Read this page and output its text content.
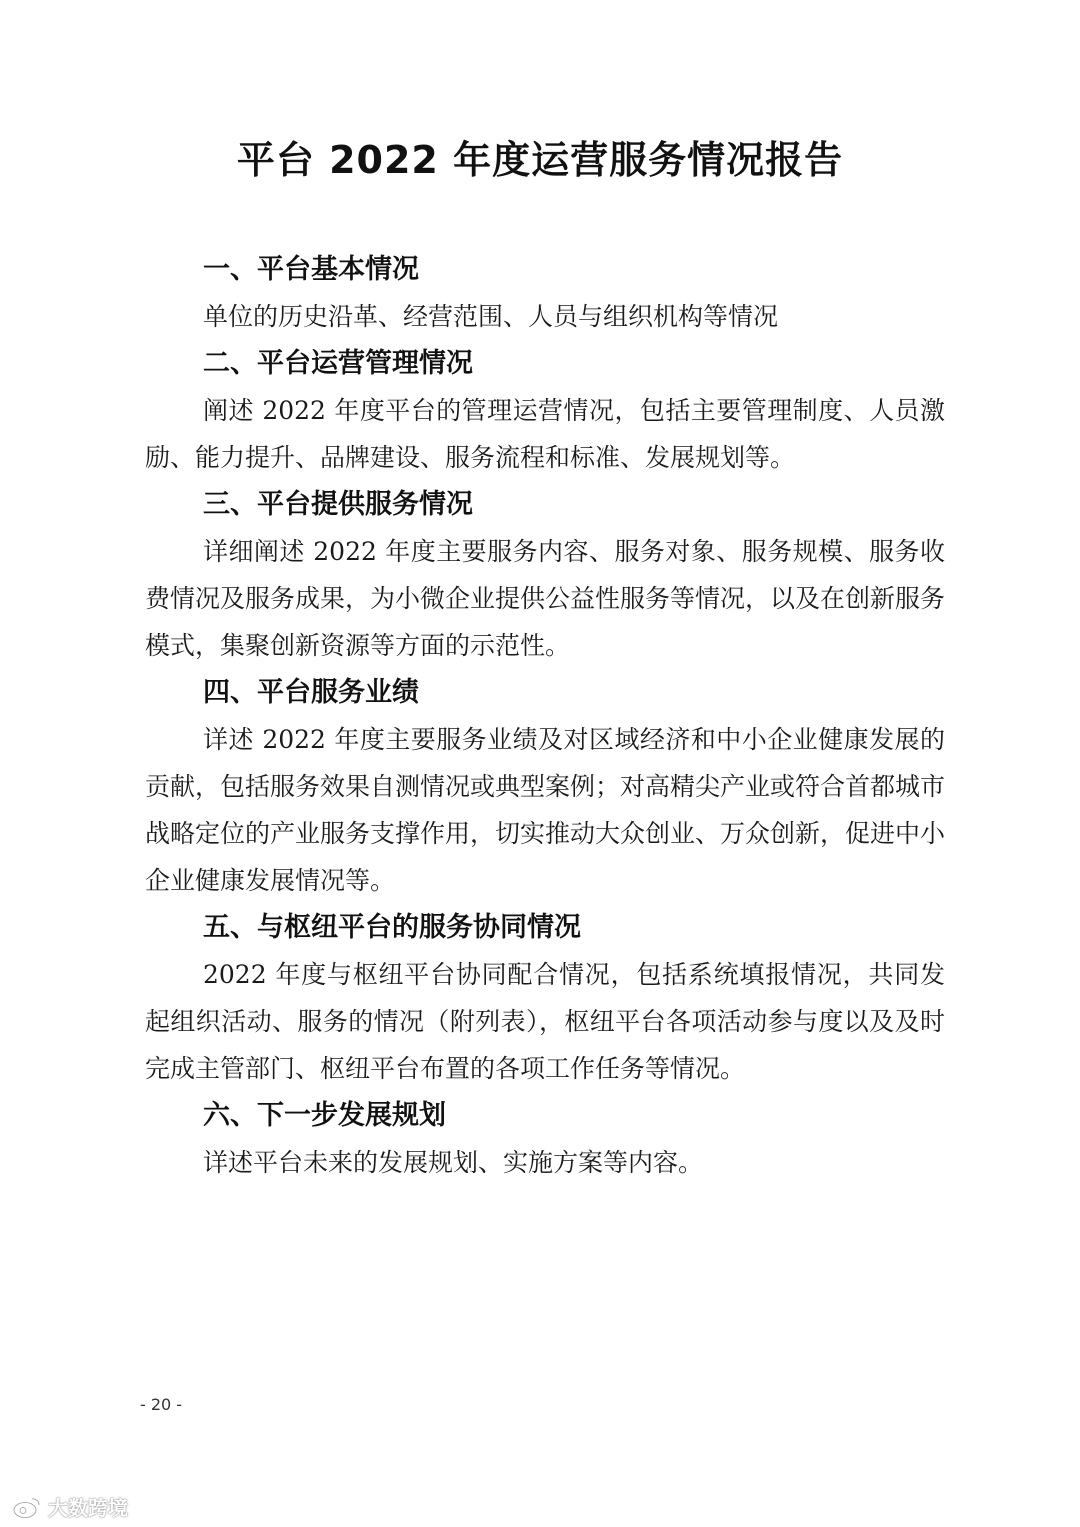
平台 2022 年度运营服务情况报告
一、平台基本情况

单位的历史沿革、经营范围、人员与组织机构等情况

二、平台运营管理情况

阐述 2022 年度平台的管理运营情况，包括主要管理制度、人员激励、能力提升、品牌建设、服务流程和标准、发展规划等。

三、平台提供服务情况

详细阐述 2022 年度主要服务内容、服务对象、服务规模、服务收费情况及服务成果，为小微企业提供公益性服务等情况，以及在创新服务模式，集聚创新资源等方面的示范性。

四、平台服务业绩

详述 2022 年度主要服务业绩及对区域经济和中小企业健康发展的贡献，包括服务效果自测情况或典型案例；对高精尖产业或符合首都城市战略定位的产业服务支撑作用，切实推动大众创业、万众创新，促进中小企业健康发展情况等。

五、与枢纽平台的服务协同情况

2022 年度与枢纽平台协同配合情况，包括系统填报情况，共同发起组织活动、服务的情况（附列表），枢纽平台各项活动参与度以及及时完成主管部门、枢纽平台布置的各项工作任务等情况。

六、下一步发展规划

详述平台未来的发展规划、实施方案等内容。

- 20 -
大数跨境
